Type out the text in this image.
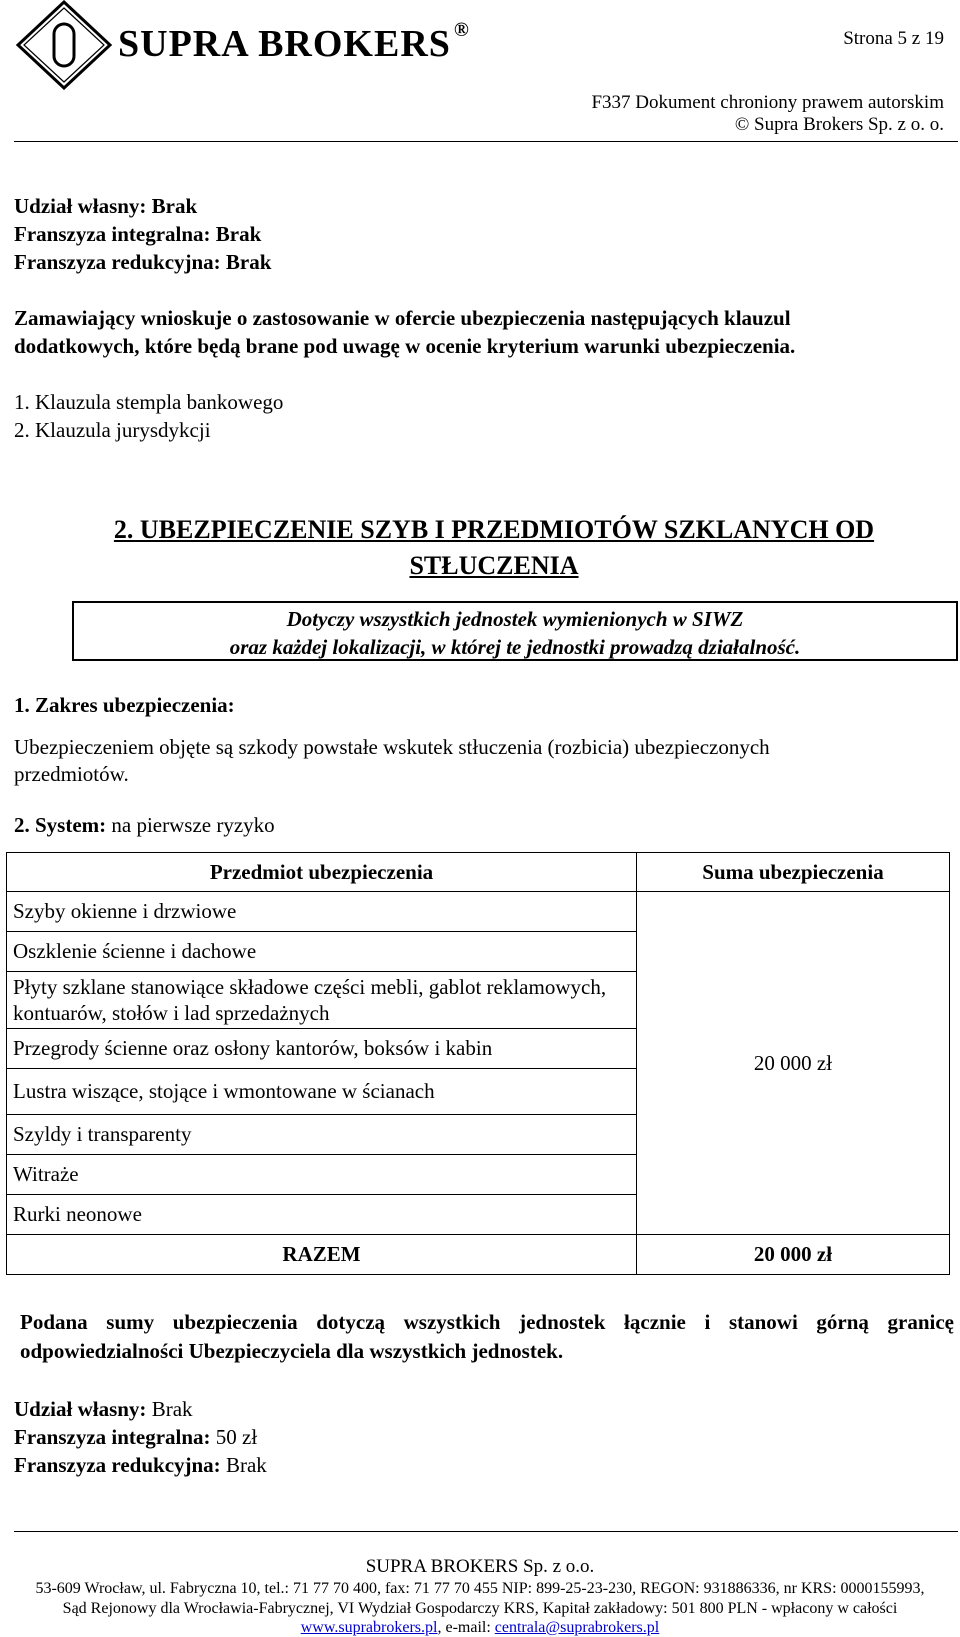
SUPRA BROKERS ®	Strona 5 z 19
F337 Dokument chroniony prawem autorskim
© Supra Brokers Sp. z o. o.
Udział własny: Brak
Franszyza integralna: Brak
Franszyza redukcyjna: Brak
Zamawiający wnioskuje o zastosowanie w ofercie ubezpieczenia następujących klauzul
dodatkowych, które będą brane pod uwagę w ocenie kryterium warunki ubezpieczenia.
1. Klauzula stempla bankowego
2. Klauzula jurysdykcji
2. UBEZPIECZENIE SZYB I PRZEDMIOTÓW SZKLANYCH OD
STŁUCZENIA
Dotyczy wszystkich jednostek wymienionych w SIWZ
oraz każdej lokalizacji, w której te jednostki prowadzą działalność.
1. Zakres ubezpieczenia:
Ubezpieczeniem objęte są szkody powstałe wskutek stłuczenia (rozbicia) ubezpieczonych
przedmiotów.
2. System: na pierwsze ryzyko
Przedmiot ubezpieczenia	Suma ubezpieczenia
Szyby okienne i drzwiowe	20 000 zł
Oszklenie ścienne i dachowe	
Płyty szklane stanowiące składowe części mebli, gablot reklamowych, kontuarów, stołów i lad sprzedażnych	
Przegrody ścienne oraz osłony kantorów, boksów i kabin	
Lustra wiszące, stojące i wmontowane w ścianach	
Szyldy i transparenty	
Witraże	
Rurki neonowe	
RAZEM	20 000 zł
Podana sumy ubezpieczenia dotyczą wszystkich jednostek łącznie i stanowi górną granicę odpowiedzialności Ubezpieczyciela dla wszystkich jednostek.
Udział własny: Brak
Franszyza integralna: 50 zł
Franszyza redukcyjna: Brak
SUPRA BROKERS Sp. z o.o.
53-609 Wrocław, ul. Fabryczna 10, tel.: 71 77 70 400, fax: 71 77 70 455 NIP: 899-25-23-230, REGON: 931886336, nr KRS: 0000155993,
Sąd Rejonowy dla Wrocławia-Fabrycznej, VI Wydział Gospodarczy KRS, Kapitał zakładowy: 501 800 PLN - wpłacony w całości
www.suprabrokers.pl, e-mail: centrala@suprabrokers.pl
